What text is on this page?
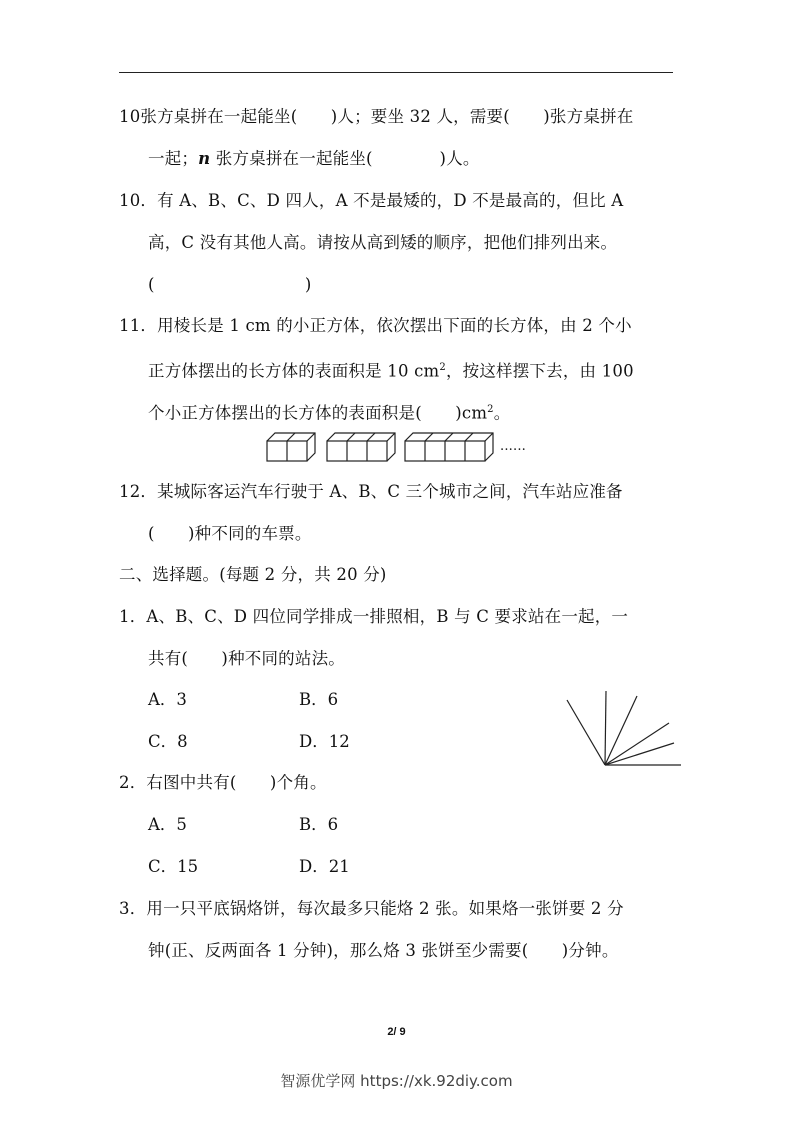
10张方桌拼在一起能坐(　　)人；要坐 32 人，需要(　　)张方桌拼在
一起；n 张方桌拼在一起能坐(　　　　)人。
10．有 A、B、C、D 四人，A 不是最矮的，D 不是最高的，但比 A
高，C 没有其他人高。请按从高到矮的顺序，把他们排列出来。
(　　　　　　　　　)
11．用棱长是 1 cm 的小正方体，依次摆出下面的长方体，由 2 个小
正方体摆出的长方体的表面积是 10 $cm^2$，按这样摆下去，由 100
个小正方体摆出的长方体的表面积是(　　)$cm^2$。
......
12．某城际客运汽车行驶于 A、B、C 三个城市之间，汽车站应准备
(　　)种不同的车票。
二、选择题。(每题 2 分，共 20 分)
1．A、B、C、D 四位同学排成一排照相，B 与 C 要求站在一起，一
共有(　　)种不同的站法。
A．3	B．6
C．8	D．12
2．右图中共有(　　)个角。
A．5	B．6
C．15	D．21
3．用一只平底锅烙饼，每次最多只能烙 2 张。如果烙一张饼要 2 分
钟(正、反两面各 1 分钟)，那么烙 3 张饼至少需要(　　)分钟。
2/ 9
智源优学网 https://xk.92diy.com
